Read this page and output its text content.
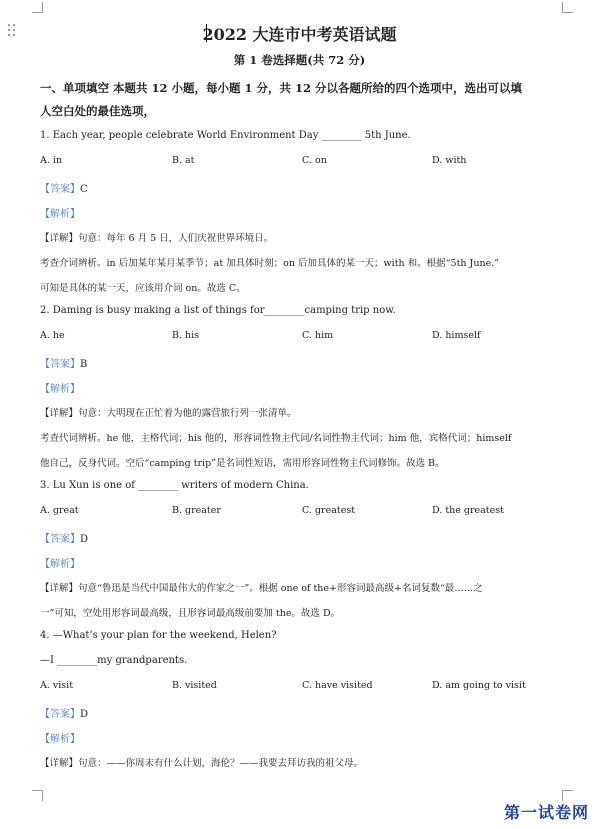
2022 大连市中考英语试题
第 1 卷选择题(共 72 分)
一、单项填空 本题共 12 小题，每小题 1 分，共 12 分以各题所给的四个选项中，选出可以填
人空白处的最佳选项，
1. Each year, people celebrate World Environment Day ________ 5th June.
A. in	B. at	C. on	D. with
【答案】C
【解析】
【详解】句意：每年 6 月 5 日，人们庆祝世界环境日。
考查介词辨析。in 后加某年某月某季节；at 加具体时刻；on 后加具体的某一天；with 和。根据“5th June.”
可知是具体的某一天，应该用介词 on。故选 C。
2. Daming is busy making a list of things for________camping trip now.
A. he	B. his	C. him	D. himself
【答案】B
【解析】
【详解】句意：大明现在正忙着为他的露营旅行列一张清单。
考查代词辨析。he 他，主格代词；his 他的，形容词性物主代词/名词性物主代词；him 他，宾格代词；himself
他自己，反身代词。空后“camping trip”是名词性短语，需用形容词性物主代词修饰。故选 B。
3. Lu Xun is one of ________ writers of modern China.
A. great	B. greater	C. greatest	D. the greatest
【答案】D
【解析】
【详解】句意“鲁迅是当代中国最伟大的作家之一”。根据 one of the+形容词最高级+名词复数“最……之
一”可知，空处用形容词最高级，且形容词最高级前要加 the。故选 D。
4. —What’s your plan for the weekend, Helen?
—I ________my grandparents.
A. visit	B. visited	C. have visited	D. am going to visit
【答案】D
【解析】
【详解】句意：——你周末有什么计划，海伦？——我要去拜访我的祖父母。
第一试卷网
